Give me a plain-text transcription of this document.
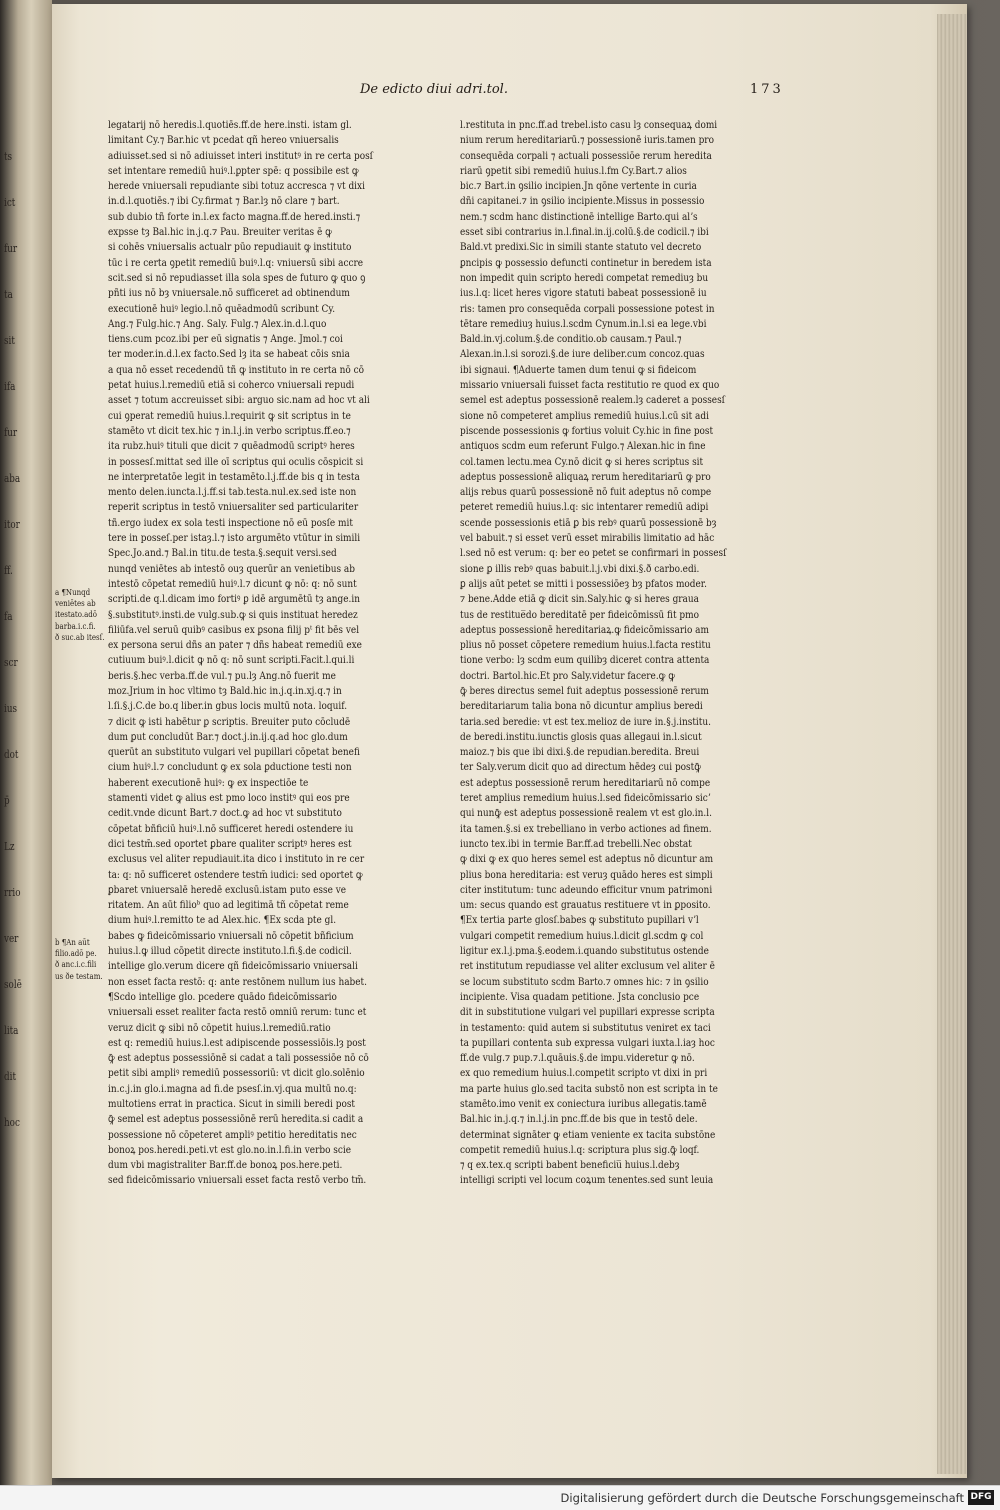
ts
ict
fur
ta
sit
ifa
fur
aba
itor
ff.
fa
scr
ius
dot
p̄
Lz
rrio
ver
solē
lita
dit
hoc
De edicto diui adri.tol.	173
a ¶Nunqd
veniētes ab
itestato.adō
barba.i.c.fi.
ð suc.ab itesſ.
b ¶An aūt
filio.adō pe.
ð anc.i.c.fili
us ðe testam.
legatarij nō heredis.l.quotiēs.ff.de here.insti. istam gl.
limitant Cy.⁊ Bar.hic vt pcedat qñ hereo vniuersalis
adiuisset.sed si nō adiuisset interi institutꝰ in re certa posſ
set intentare remediū huiꝰ.l.ꝑpter spē: q possibile est ꝙ
herede vniuersali repudiante sibi totuz accresca ⁊ vt dixi
in.d.l.quotiēs.⁊ ibi Cy.firmat ⁊ Bar.lȝ nō clare ⁊ bart.
sub dubio tñ forte in.l.ex facto magna.ff.de hered.insti.⁊
expsse tȝ Bal.hic in.j.q.⁊ Pau. Breuiter veritas ē ꝙ
si cohēs vniuersalis actualr pūo repudiauit ꝙ instituto
tūc i re certa ꝯpetit remediū buiꝰ.l.q: vniuersū sibi accre
scit.sed si nō repudiasset illa sola spes de futuro ꝙ quo ꝯ
pñti ius nō bȝ vniuersale.nō sufficeret ad obtinendum
executionē huiꝰ legio.l.nō quēadmodū scribunt Cy.
Ang.⁊ Fulg.hic.⁊ Ang. Saly. Fulg.⁊ Alex.in.d.l.quo
tiens.cum pcoz.ibi per eū signatis ⁊ Ange. Jmol.⁊ coi
ter moder.in.d.l.ex facto.Sed lȝ ita se habeat cōis snia
a qua nō esset recedendū tñ ꝙ instituto in re certa nō cō
petat huius.l.remediū etiā si coherco vniuersali repudi
asset ⁊ totum accreuisset sibi: arguo sic.nam ad hoc vt ali
cui ꝯperat remediū huius.l.requirit ꝙ sit scriptus in te
stamēto vt dicit tex.hic ⁊ in.l.j.in verbo scriptus.ff.eo.⁊
ita rubz.huiꝰ tituli que dicit ⁊ quēadmodū scriptꝰ heres
in possesſ.mittat sed ille oī scriptus qui oculis cōspicit si
ne interpretatōe legit in testamēto.l.j.ff.de bis q in testa
mento delen.iuncta.l.j.ff.si tab.testa.nul.ex.sed iste non
reperit scriptus in testō vniuersaliter sed particulariter
tñ.ergo iudex ex sola testi inspectione nō eū posſe mit
tere in posseſ.per istaȝ.l.⁊ isto argumēto vtūtur in simili
Spec.Jo.and.⁊ Bal.in titu.de testa.§.sequit versi.sed
nunqd veniētes ab intestō ouȝ querūr an venietibus ab
intestō cōpetat remediū huiꝰ.l.⁊ dicunt ꝙ nō: q: nō sunt
scripti.de q.l.dicam imo fortiꝰ ꝑ idē argumētū tȝ ange.in
§.substitutꝰ.insti.de vulg.sub.ꝙ si quis instituat heredez
filiūfa.vel seruū quibꝰ casibus ex ꝑsona filij pᵗ fit bēs vel
ex persona serui dñs an pater ⁊ dñs habeat remediū exe
cutiuum buiꝰ.l.dicit ꝙ nō q: nō sunt scripti.Facit.l.qui.li
beris.§.hec verba.ff.de vul.⁊ pu.lȝ Ang.nō fuerit me
moz.Jrium in hoc vltimo tȝ Bald.hic in.j.q.in.xj.q.⁊ in
l.ſi.§.j.C.de bo.q liber.in gbus locis multū nota. loquif.
⁊ dicit ꝙ isti habētur ꝑ scriptis. Breuiter puto cōcludē
dum ꝑut concludūt Bar.⁊ doct.j.in.ij.q.ad hoc glo.dum
querūt an substituto vulgari vel pupillari cōpetat benefi
cium huiꝰ.l.⁊ concludunt ꝙ ex sola ꝑductione testi non
haberent executionē huiꝰ: ꝙ ex inspectiōe te
stamenti videt ꝙ alius est pmo loco institꝰ qui eos pre
cedit.vnde dicunt Bart.⁊ doct.ꝙ ad hoc vt substituto
cōpetat bñficiū huiꝰ.l.nō sufficeret heredi ostendere iu
dici testm̄.sed oportet ꝑbare qualiter scriptꝰ heres est
exclusus vel aliter repudiauit.ita dico i instituto in re cer
ta: q: nō sufficeret ostendere testm̄ iudici: sed oportet ꝙ
ꝑbaret vniuersalē heredē exclusū.istam puto esse ve
ritatem. An aūt filioᵇ quo ad legitimā tñ cōpetat reme
dium huiꝰ.l.remitto te ad Alex.hic. ¶Ex scda pte gl.
babes ꝙ fideicōmissario vniuersali nō cōpetit bñficium
huius.l.ꝙ illud cōpetit directe instituto.l.fi.§.de codicil.
intellige glo.verum dicere qñ fideicōmissario vniuersali
non esset facta restō: q: ante restōnem nullum ius habet.
¶Scdo intellige glo. pcedere quādo fideicōmissario
vniuersali esset realiter facta restō omniū rerum: tunc et
veruz dicit ꝙ sibi nō cōpetit huius.l.remediū.ratio
est q: remediū huius.l.est adipiscende possessiōis.lȝ post
ꝙ̄ est adeptus possessiōnē si cadat a tali possessiōe nō cō
petit sibi ampliꝰ remediū possessoriū: vt dicit glo.solēnio
in.c.j.in glo.i.magna ad fi.de psesſ.in.vj.qua multū no.q:
multotiens errat in practica. Sicut in simili beredi post
ꝙ̄ semel est adeptus possessiōnē rerū heredita.si cadit a
possessione nō cōpeteret ampliꝰ petitio hereditatis nec
bonoꝝ pos.heredi.peti.vt est glo.no.in.l.fi.in verbo scie
dum vbi magistraliter Bar.ff.de bonoꝝ pos.here.peti.
sed fideicōmissario vniuersali esset facta restō verbo tm̄.
l.restituta in pnc.ff.ad trebel.isto casu lȝ consequaꝝ domi
nium rerum hereditariarū.⁊ possessionē iuris.tamen pro
consequēda corpali ⁊ actuali possessiōe rerum heredita
riarū ꝯpetit sibi remediū huius.l.fm Cy.Bart.⁊ alios
bic.⁊ Bart.in ꝯsilio incipien.Jn qōne vertente in curia
dñi capitanei.⁊ in ꝯsilio incipiente.Missus in possessio
nem.⁊ scdm hanc distinctionē intellige Barto.qui alʼs
esset sibi contrarius in.l.final.in.ij.colū.§.de codicil.⁊ ibi
Bald.vt predixi.Sic in simili stante statuto vel decreto
ꝑncipis ꝙ possessio defuncti continetur in beredem ista
non impedit quin scripto heredi competat remediuȝ bu
ius.l.q: licet heres vigore statuti babeat possessionē iu
ris: tamen pro consequēda corpali possessione potest in
tētare remediuȝ huius.l.scdm Cynum.in.l.si ea lege.vbi
Bald.in.vj.colum.§.de conditio.ob causam.⁊ Paul.⁊
Alexan.in.l.si sorozi.§.de iure deliber.cum concoz.quas
ibi signaui. ¶Aduerte tamen dum tenui ꝙ si fideicom
missario vniuersali fuisset facta restitutio re quod ex quo
semel est adeptus possessionē realem.lȝ caderet a possesſ
sione nō competeret amplius remediū huius.l.cū sit adi
piscende possessionis ꝙ fortius voluit Cy.hic in fine post
antiquos scdm eum referunt Fulgo.⁊ Alexan.hic in fine
col.tamen lectu.mea Cy.nō dicit ꝙ si heres scriptus sit
adeptus possessionē aliquaꝝ rerum hereditariarū ꝙ pro
alijs rebus quarū possessionē nō fuit adeptus nō compe
peteret remediū huius.l.q: sic intentarer remediū adipi
scende possessionis etiā ꝑ bis rebꝰ quarū possessionē bȝ
vel babuit.⁊ si esset verū esset mirabilis limitatio ad hāc
l.sed nō est verum: q: ber eo petet se confirmari in possesſ
sione ꝑ illis rebꝰ quas babuit.l.j.vbi dixi.§.ð carbo.edi.
ꝑ alijs aūt petet se mitti i possessiōeȝ bȝ pfatos moder.
⁊ bene.Adde etiā ꝙ dicit sin.Saly.hic ꝙ si heres graua
tus de restitue̅do bereditatē per fideicōmissū fit pmo
adeptus possessionē hereditariaꝝ.ꝙ fideicōmissario am
plius nō posset cōpetere remedium huius.l.facta restitu
tione verbo: lȝ scdm eum quilibȝ diceret contra attenta
doctri. Bartol.hic.Et pro Saly.videtur facere.ꝙ ꝙ
ꝙ̄ beres directus semel fuit adeptus possessionē rerum
bereditariarum talia bona nō dicuntur amplius beredi
taria.sed beredie: vt est tex.melioz de iure in.§.j.institu.
de beredi.institu.iunctis glosis quas allegaui in.l.sicut
maioz.⁊ bis que ibi dixi.§.de repudian.beredita. Breui
ter Saly.verum dicit quo ad directum hēdeȝ cui postꝙ̄
est adeptus possessionē rerum hereditariarū nō compe
teret amplius remedium huius.l.sed fideicōmissario sicʼ
qui nunꝙ̄ est adeptus possessionē realem vt est glo.in.l.
ita tamen.§.si ex trebelliano in verbo actiones ad finem.
iuncto tex.ibi in termie Bar.ff.ad trebelli.Nec obstat
ꝙ dixi ꝙ ex quo heres semel est adeptus nō dicuntur am
plius bona hereditaria: est veruȝ quādo heres est simpli
citer institutum: tunc adeundo efficitur vnum patrimoni
um: secus quando est grauatus restituere vt in ꝑposito.
¶Ex tertia parte glosſ.babes ꝙ substituto pupillari vʼl
vulgari competit remedium huius.l.dicit gl.scdm ꝙ col
ligitur ex.l.j.pma.§.eodem.i.quando substitutus ostende
ret institutum repudiasse vel aliter exclusum vel aliter ē
se locum substituto scdm Barto.⁊ omnes hic: ⁊ in ꝯsilio
incipiente. Visa quadam petitione. Jsta conclusio pce
dit in substitutione vulgari vel pupillari expresse scripta
in testamento: quid autem si substitutus veniret ex taci
ta pupillari contenta sub expressa vulgari iuxta.l.iaȝ hoc
ff.de vulg.⁊ pup.⁊.l.quāuis.§.de impu.videretur ꝙ nō.
ex quo remedium huius.l.competit scripto vt dixi in pri
ma parte huius glo.sed tacita substō non est scripta in te
stamēto.imo venit ex coniectura iuribus allegatis.tamē
Bal.hic in.j.q.⁊ in.l.j.in pnc.ff.de bis que in testō dele.
determinat signāter ꝙ etiam veniente ex tacita substōne
competit remediū huius.l.q: scriptura plus sig.ꝙ̄ loqf.
⁊ q ex.tex.q scripti babent beneficiu̅ huius.l.debȝ
intelligi scripti vel locum coꝝum tenentes.sed sunt leuia
Digitalisierung gefördert durch die Deutsche Forschungsgemeinschaft DFG
